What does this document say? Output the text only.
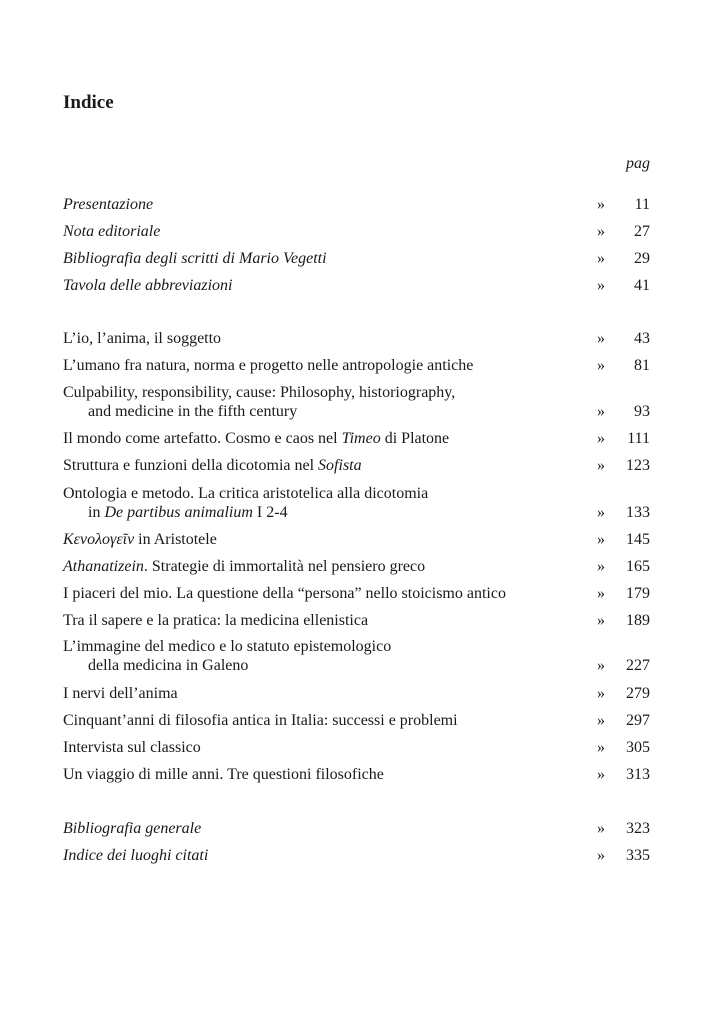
Indice
pag
Presentazione	» 11
Nota editoriale	» 27
Bibliografia degli scritti di Mario Vegetti	» 29
Tavola delle abbreviazioni	» 41
L’io, l’anima, il soggetto	» 43
L’umano fra natura, norma e progetto nelle antropologie antiche	» 81
Culpability, responsibility, cause: Philosophy, historiography,
and medicine in the fifth century	» 93
Il mondo come artefatto. Cosmo e caos nel Timeo di Platone	» 111
Struttura e funzioni della dicotomia nel Sofista	» 123
Ontologia e metodo. La critica aristotelica alla dicotomia
in De partibus animalium I 2-4	» 133
Κενολογεῖν in Aristotele	» 145
Athanatizein. Strategie di immortalità nel pensiero greco	» 165
I piaceri del mio. La questione della “persona” nello stoicismo antico	» 179
Tra il sapere e la pratica: la medicina ellenistica	» 189
L’immagine del medico e lo statuto epistemologico
della medicina in Galeno	» 227
I nervi dell’anima	» 279
Cinquant’anni di filosofia antica in Italia: successi e problemi	» 297
Intervista sul classico	» 305
Un viaggio di mille anni. Tre questioni filosofiche	» 313
Bibliografia generale	» 323
Indice dei luoghi citati	» 335
